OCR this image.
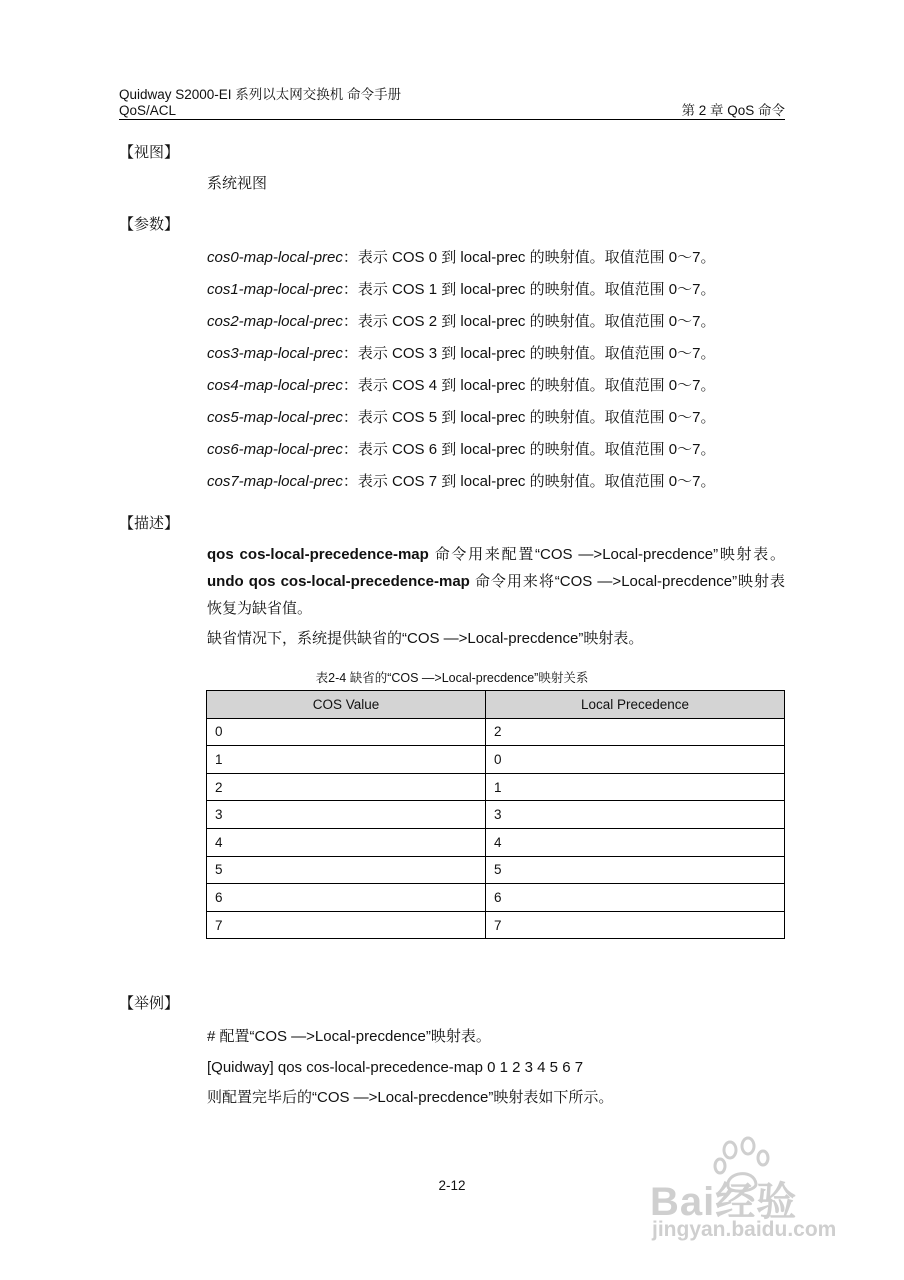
Quidway S2000-EI 系列以太网交换机 命令手册
QoS/ACL	第 2 章 QoS 命令
【视图】
系统视图
【参数】
cos0-map-local-prec：表示 COS 0 到 local-prec 的映射值。取值范围 0～7。
cos1-map-local-prec：表示 COS 1 到 local-prec 的映射值。取值范围 0～7。
cos2-map-local-prec：表示 COS 2 到 local-prec 的映射值。取值范围 0～7。
cos3-map-local-prec：表示 COS 3 到 local-prec 的映射值。取值范围 0～7。
cos4-map-local-prec：表示 COS 4 到 local-prec 的映射值。取值范围 0～7。
cos5-map-local-prec：表示 COS 5 到 local-prec 的映射值。取值范围 0～7。
cos6-map-local-prec：表示 COS 6 到 local-prec 的映射值。取值范围 0～7。
cos7-map-local-prec：表示 COS 7 到 local-prec 的映射值。取值范围 0～7。
【描述】
qos cos-local-precedence-map 命令用来配置“COS —>Local-precdence”映射表。undo qos cos-local-precedence-map 命令用来将“COS —>Local-precdence”映射表恢复为缺省值。
缺省情况下，系统提供缺省的“COS —>Local-precdence”映射表。
表2-4 缺省的“COS —>Local-precdence”映射关系
COS Value	Local Precedence
0	2
1	0
2	1
3	3
4	4
5	5
6	6
7	7
【举例】
# 配置“COS —>Local-precdence”映射表。
[Quidway] qos cos-local-precedence-map 0 1 2 3 4 5 6 7
则配置完毕后的“COS —>Local-precdence”映射表如下所示。
2-12	Bai经验
jingyan.baidu.com
